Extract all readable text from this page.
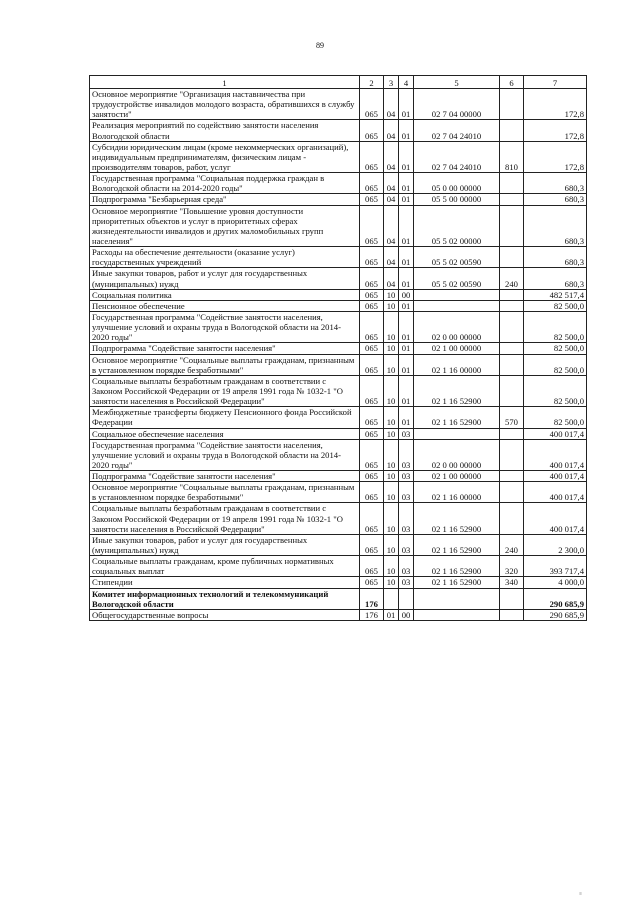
89
1	2	3	4	5	6	7
Основное мероприятие "Организация наставничества при трудоустройстве инвалидов молодого возраста, обратившихся в службу занятости"	065	04	01	02 7 04 00000		172,8
Реализация мероприятий по содействию занятости населения Вологодской области	065	04	01	02 7 04 24010		172,8
Субсидии юридическим лицам (кроме некоммерческих организаций), индивидуальным предпринимателям, физическим лицам - производителям товаров, работ, услуг	065	04	01	02 7 04 24010	810	172,8
Государственная программа "Социальная поддержка граждан в Вологодской области на 2014-2020 годы"	065	04	01	05 0 00 00000		680,3
Подпрограмма "Безбарьерная среда"	065	04	01	05 5 00 00000		680,3
Основное мероприятие "Повышение уровня доступности приоритетных объектов и услуг в приоритетных сферах жизнедеятельности инвалидов и других маломобильных групп населения"	065	04	01	05 5 02 00000		680,3
Расходы на обеспечение деятельности (оказание услуг) государственных учреждений	065	04	01	05 5 02 00590		680,3
Иные закупки товаров, работ и услуг для государственных (муниципальных) нужд	065	04	01	05 5 02 00590	240	680,3
Социальная политика	065	10	00			482 517,4
Пенсионное обеспечение	065	10	01			82 500,0
Государственная программа "Содействие занятости населения, улучшение условий и охраны труда в Вологодской области на 2014-2020 годы"	065	10	01	02 0 00 00000		82 500,0
Подпрограмма "Содействие занятости населения"	065	10	01	02 1 00 00000		82 500,0
Основное мероприятие "Социальные выплаты гражданам, признанным в установленном порядке безработными"	065	10	01	02 1 16 00000		82 500,0
Социальные выплаты безработным гражданам в соответствии с Законом Российской Федерации от 19 апреля 1991 года № 1032-1 "О занятости населения в Российской Федерации"	065	10	01	02 1 16 52900		82 500,0
Межбюджетные трансферты бюджету Пенсионного фонда Российской Федерации	065	10	01	02 1 16 52900	570	82 500,0
Социальное обеспечение населения	065	10	03			400 017,4
Государственная программа "Содействие занятости населения, улучшение условий и охраны труда в Вологодской области на 2014-2020 годы"	065	10	03	02 0 00 00000		400 017,4
Подпрограмма "Содействие занятости населения"	065	10	03	02 1 00 00000		400 017,4
Основное мероприятие "Социальные выплаты гражданам, признанным в установленном порядке безработными"	065	10	03	02 1 16 00000		400 017,4
Социальные выплаты безработным гражданам в соответствии с Законом Российской Федерации от 19 апреля 1991 года № 1032-1 "О занятости населения в Российской Федерации"	065	10	03	02 1 16 52900		400 017,4
Иные закупки товаров, работ и услуг для государственных (муниципальных) нужд	065	10	03	02 1 16 52900	240	2 300,0
Социальные выплаты гражданам, кроме публичных нормативных социальных выплат	065	10	03	02 1 16 52900	320	393 717,4
Стипендии	065	10	03	02 1 16 52900	340	4 000,0
Комитет информационных технологий и телекоммуникаций Вологодской области	176					290 685,9
Общегосударственные вопросы	176	01	00			290 685,9
≡
